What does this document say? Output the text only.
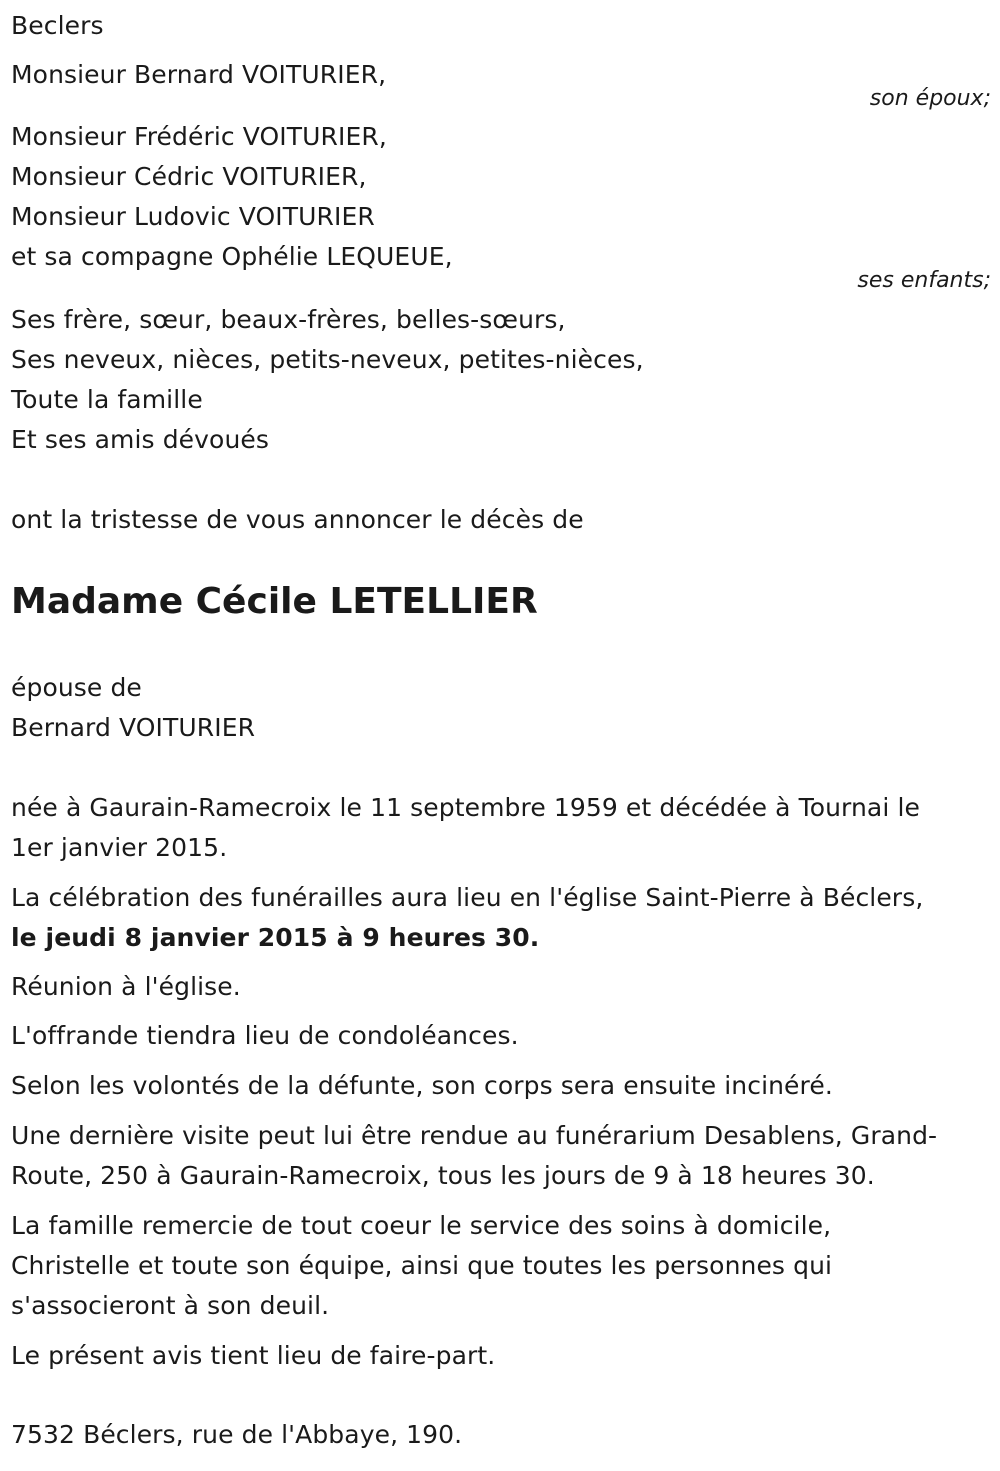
Beclers
Monsieur Bernard VOITURIER,
son époux;
Monsieur Frédéric VOITURIER,
Monsieur Cédric VOITURIER,
Monsieur Ludovic VOITURIER
et sa compagne Ophélie LEQUEUE,
ses enfants;
Ses frère, sœur, beaux-frères, belles-sœurs,
Ses neveux, nièces, petits-neveux, petites-nièces,
Toute la famille
Et ses amis dévoués
ont la tristesse de vous annoncer le décès de
Madame Cécile LETELLIER
épouse de
Bernard VOITURIER
née à Gaurain-Ramecroix le 11 septembre 1959 et décédée à Tournai le
1er janvier 2015.
La célébration des funérailles aura lieu en l'église Saint-Pierre à Béclers,
le jeudi 8 janvier 2015 à 9 heures 30.
Réunion à l'église.
L'offrande tiendra lieu de condoléances.
Selon les volontés de la défunte, son corps sera ensuite incinéré.
Une dernière visite peut lui être rendue au funérarium Desablens, Grand-
Route, 250 à Gaurain-Ramecroix, tous les jours de 9 à 18 heures 30.
La famille remercie de tout coeur le service des soins à domicile,
Christelle et toute son équipe, ainsi que toutes les personnes qui
s'associeront à son deuil.
Le présent avis tient lieu de faire-part.
7532 Béclers, rue de l'Abbaye, 190.
